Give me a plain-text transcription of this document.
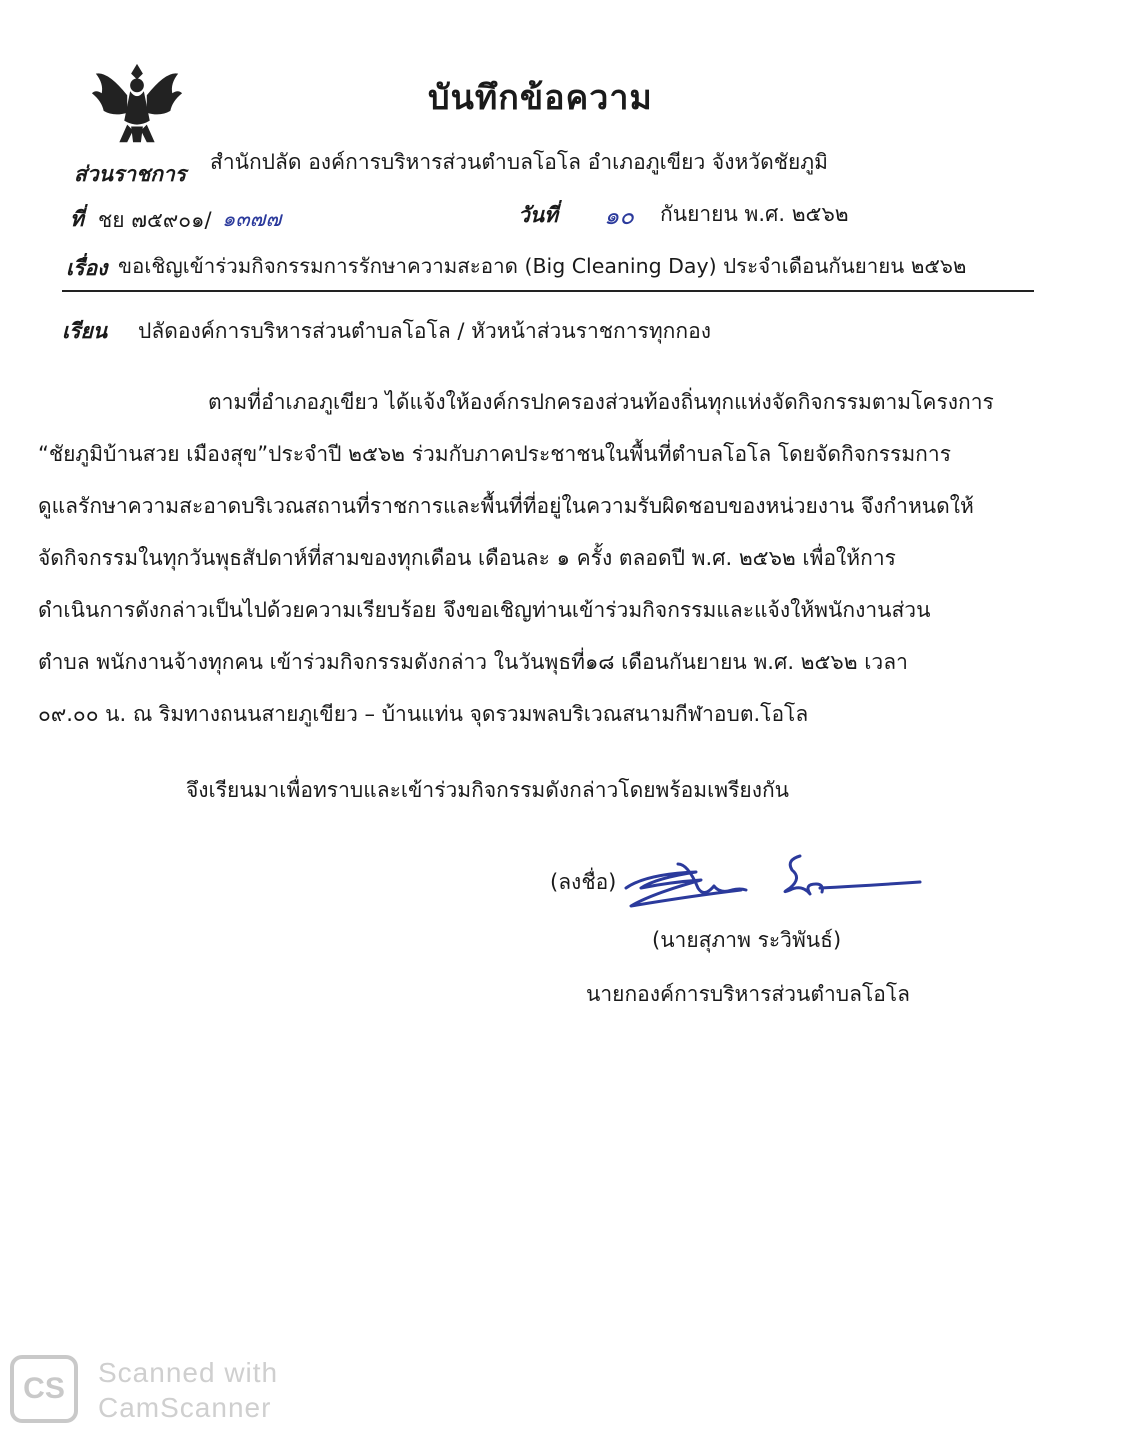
บันทึกข้อความ
ส่วนราชการ สำนักปลัด องค์การบริหารส่วนตำบลโอโล อำเภอภูเขียว จังหวัดชัยภูมิ
ที่ ชย ๗๕๙๐๑/ ๑๓๗๗	วันที่ ๑๐ กันยายน พ.ศ. ๒๕๖๒
เรื่อง ขอเชิญเข้าร่วมกิจกรรมการรักษาความสะอาด (Big Cleaning Day) ประจำเดือนกันยายน ๒๕๖๒
เรียน ปลัดองค์การบริหารส่วนตำบลโอโล / หัวหน้าส่วนราชการทุกกอง
ตามที่อำเภอภูเขียว ได้แจ้งให้องค์กรปกครองส่วนท้องถิ่นทุกแห่งจัดกิจกรรมตามโครงการ
“ชัยภูมิบ้านสวย เมืองสุข”ประจำปี ๒๕๖๒ ร่วมกับภาคประชาชนในพื้นที่ตำบลโอโล โดยจัดกิจกรรมการ
ดูแลรักษาความสะอาดบริเวณสถานที่ราชการและพื้นที่ที่อยู่ในความรับผิดชอบของหน่วยงาน จึงกำหนดให้
จัดกิจกรรมในทุกวันพุธสัปดาห์ที่สามของทุกเดือน เดือนละ ๑ ครั้ง ตลอดปี พ.ศ. ๒๕๖๒ เพื่อให้การ
ดำเนินการดังกล่าวเป็นไปด้วยความเรียบร้อย จึงขอเชิญท่านเข้าร่วมกิจกรรมและแจ้งให้พนักงานส่วน
ตำบล พนักงานจ้างทุกคน เข้าร่วมกิจกรรมดังกล่าว ในวันพุธที่๑๘ เดือนกันยายน พ.ศ. ๒๕๖๒ เวลา
๐๙.๐๐ น. ณ ริมทางถนนสายภูเขียว – บ้านแท่น จุดรวมพลบริเวณสนามกีฬาอบต.โอโล
จึงเรียนมาเพื่อทราบและเข้าร่วมกิจกรรมดังกล่าวโดยพร้อมเพรียงกัน
(ลงชื่อ)
(นายสุภาพ ระวิพันธ์)
นายกองค์การบริหารส่วนตำบลโอโล
CS	Scanned with
CamScanner
